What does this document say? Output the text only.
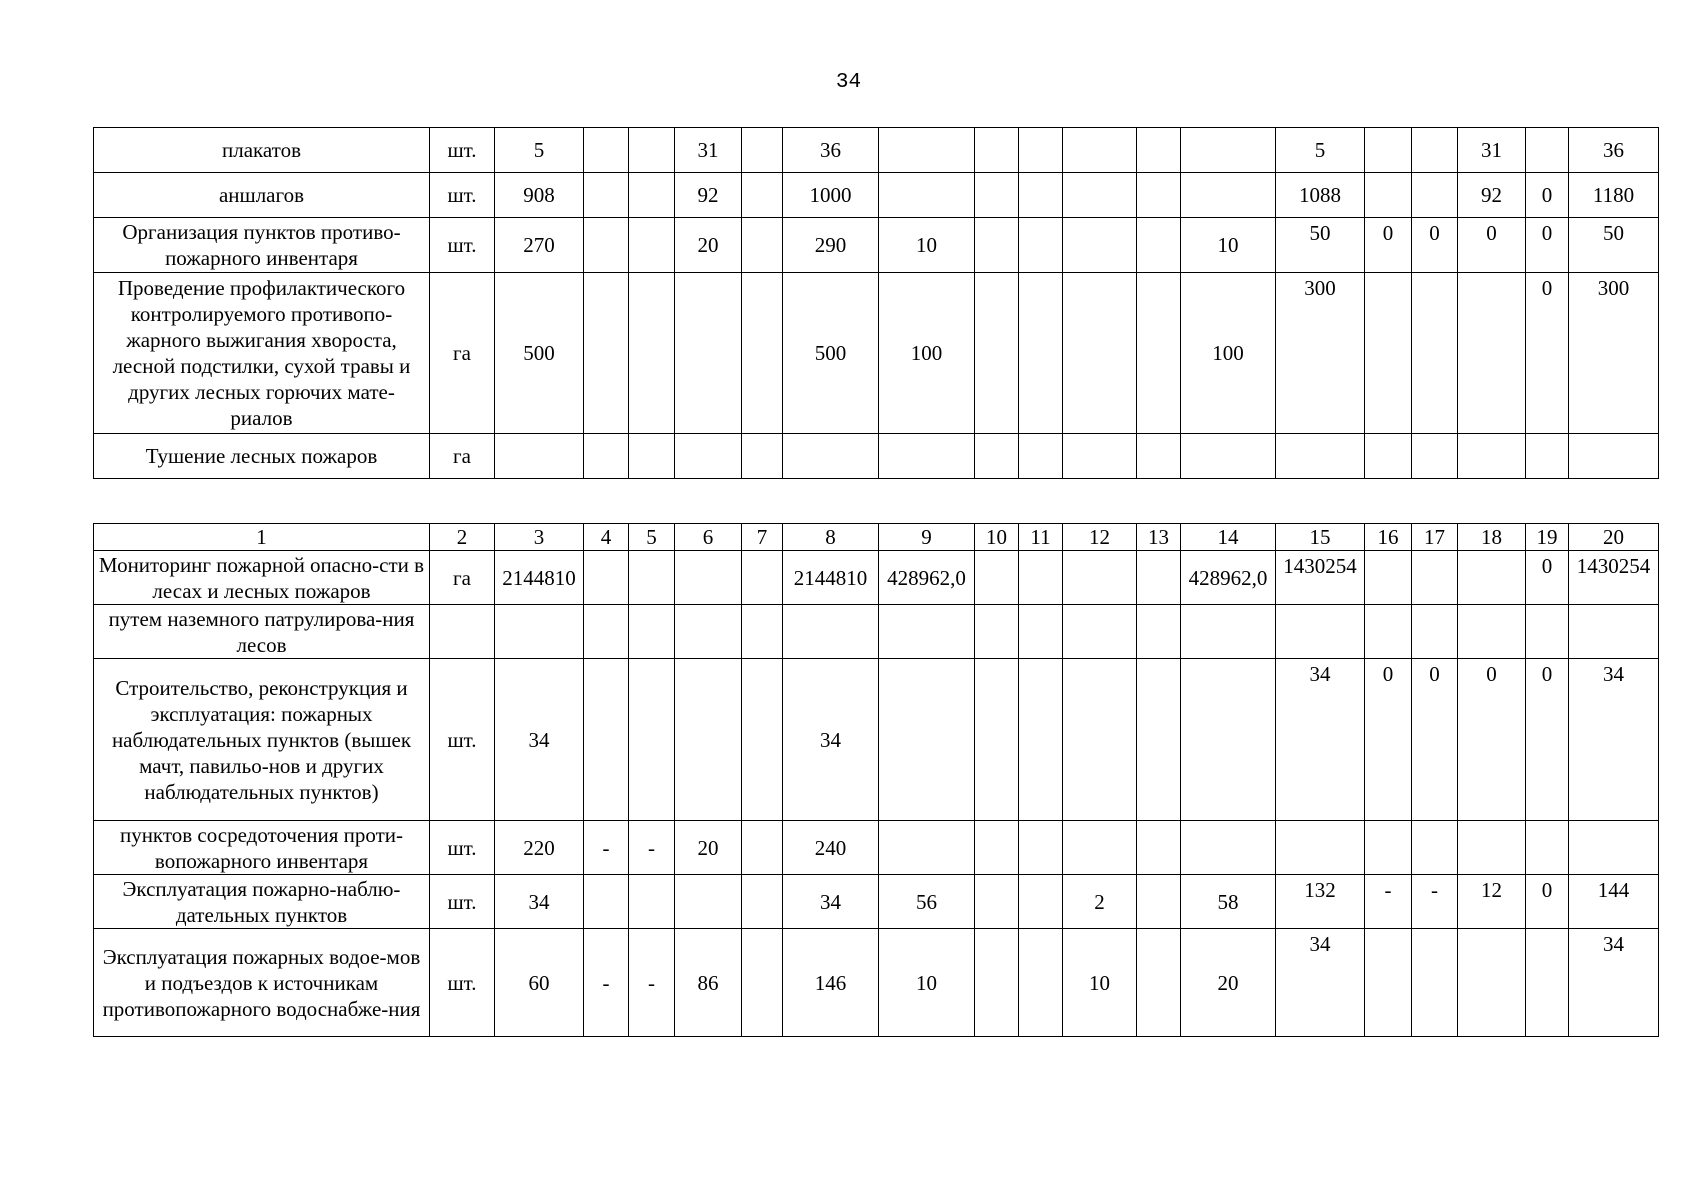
34
плакатов	шт.	5			31		36							5			31		36
аншлагов	шт.	908			92		1000							1088			92	0	1180
Организация пунктов противо-пожарного инвентаря	шт.	270			20		290	10					10	50	0	0	0	0	50
Проведение профилактического контролируемого противопо-жарного выжигания хвороста, лесной подстилки, сухой травы и других лесных горючих мате-риалов	га	500					500	100					100	300				0	300
Тушение лесных пожаров	га																		
1	2	3	4	5	6	7	8	9	10	11	12	13	14	15	16	17	18	19	20
Мониторинг пожарной опасно-сти в лесах и лесных пожаров	га	2144810					2144810	428962,0					428962,0	1430254				0	1430254
путем наземного патрулирова-ния лесов																			
Строительство, реконструкция и эксплуатация: пожарных наблюдательных пунктов (вышек мачт, павильо-нов и других наблюдательных пунктов)	шт.	34					34							34	0	0	0	0	34
пунктов сосредоточения проти-вопожарного инвентаря	шт.	220	-	-	20		240												
Эксплуатация пожарно-наблю-дательных пунктов	шт.	34					34	56			2		58	132	-	-	12	0	144
Эксплуатация пожарных водое-мов и подъездов к источникам противопожарного водоснабже-ния	шт.	60	-	-	86		146	10			10		20	34					34
